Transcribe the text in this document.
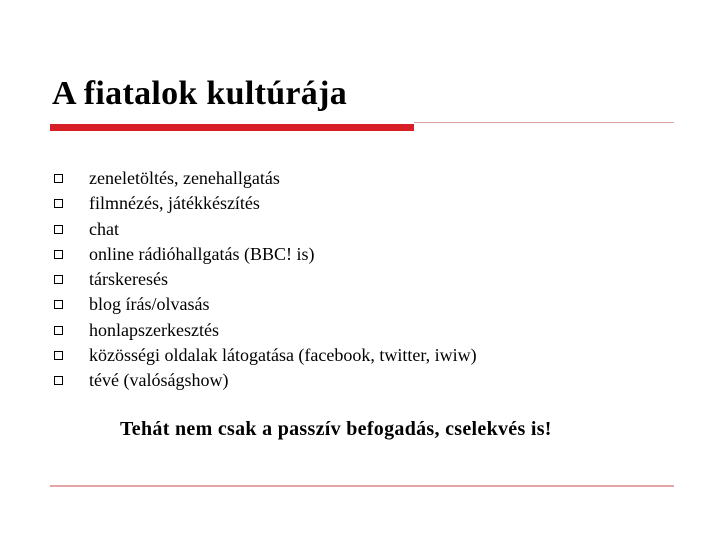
A fiatalok kultúrája
zeneletöltés, zenehallgatás
filmnézés, játékkészítés
chat
online rádióhallgatás (BBC! is)
társkeresés
blog írás/olvasás
honlapszerkesztés
közösségi oldalak látogatása (facebook, twitter, iwiw)
tévé (valóságshow)

Tehát nem csak a passzív befogadás, cselekvés is!
